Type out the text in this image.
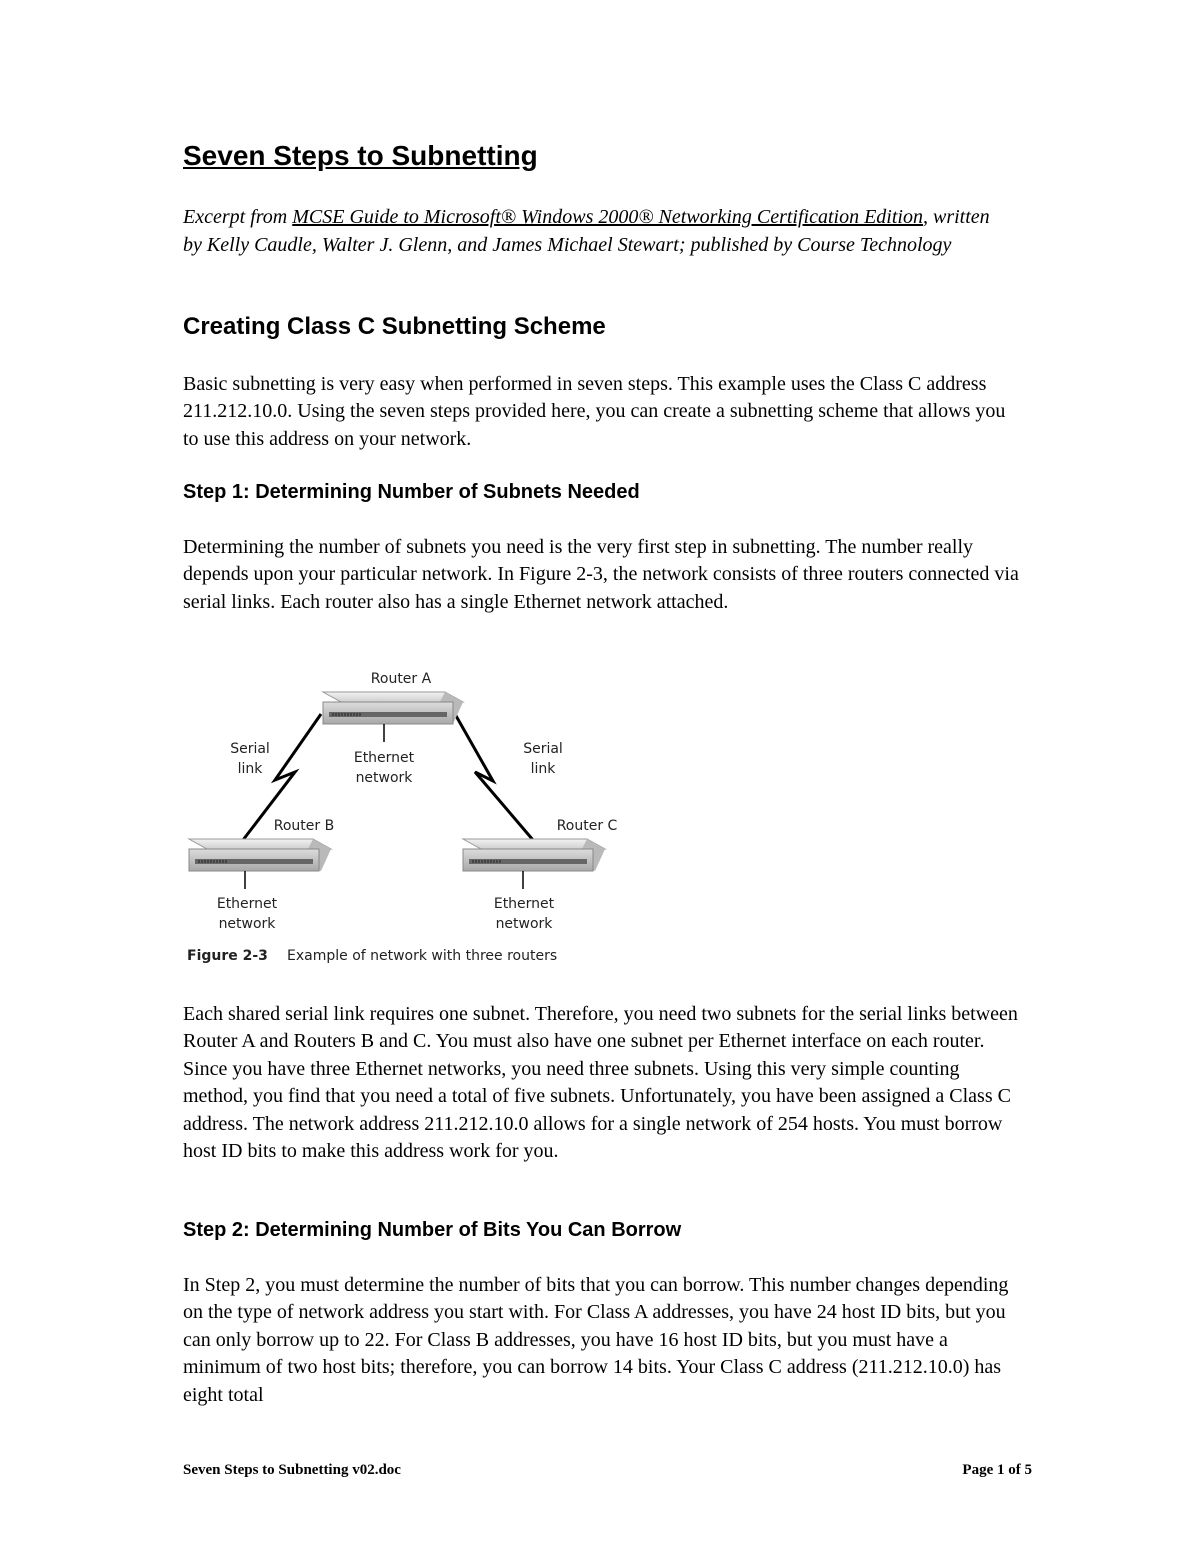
Seven Steps to Subnetting

Excerpt from MCSE Guide to Microsoft® Windows 2000® Networking Certification Edition, written by Kelly Caudle, Walter J. Glenn, and James Michael Stewart; published by Course Technology

Creating Class C Subnetting Scheme

Basic subnetting is very easy when performed in seven steps. This example uses the Class C address 211.212.10.0. Using the seven steps provided here, you can create a subnetting scheme that allows you to use this address on your network.

Step 1: Determining Number of Subnets Needed

Determining the number of subnets you need is the very first step in subnetting. The number really depends upon your particular network. In Figure 2-3, the network consists of three routers connected via serial links. Each router also has a single Ethernet network attached.

Router A
Router B	Router C
Serial
link
Serial
link
Ethernet
network
Ethernet
network
Ethernet
network
Figure 2-3 Example of network with three routers

Each shared serial link requires one subnet. Therefore, you need two subnets for the serial links between Router A and Routers B and C. You must also have one subnet per Ethernet interface on each router. Since you have three Ethernet networks, you need three subnets. Using this very simple counting method, you find that you need a total of five subnets. Unfortunately, you have been assigned a Class C address. The network address 211.212.10.0 allows for a single network of 254 hosts. You must borrow host ID bits to make this address work for you.

Step 2: Determining Number of Bits You Can Borrow

In Step 2, you must determine the number of bits that you can borrow. This number changes depending on the type of network address you start with. For Class A addresses, you have 24 host ID bits, but you can only borrow up to 22. For Class B addresses, you have 16 host ID bits, but you must have a minimum of two host bits; therefore, you can borrow 14 bits. Your Class C address (211.212.10.0) has eight total

Seven Steps to Subnetting v02.doc	Page 1 of 5
